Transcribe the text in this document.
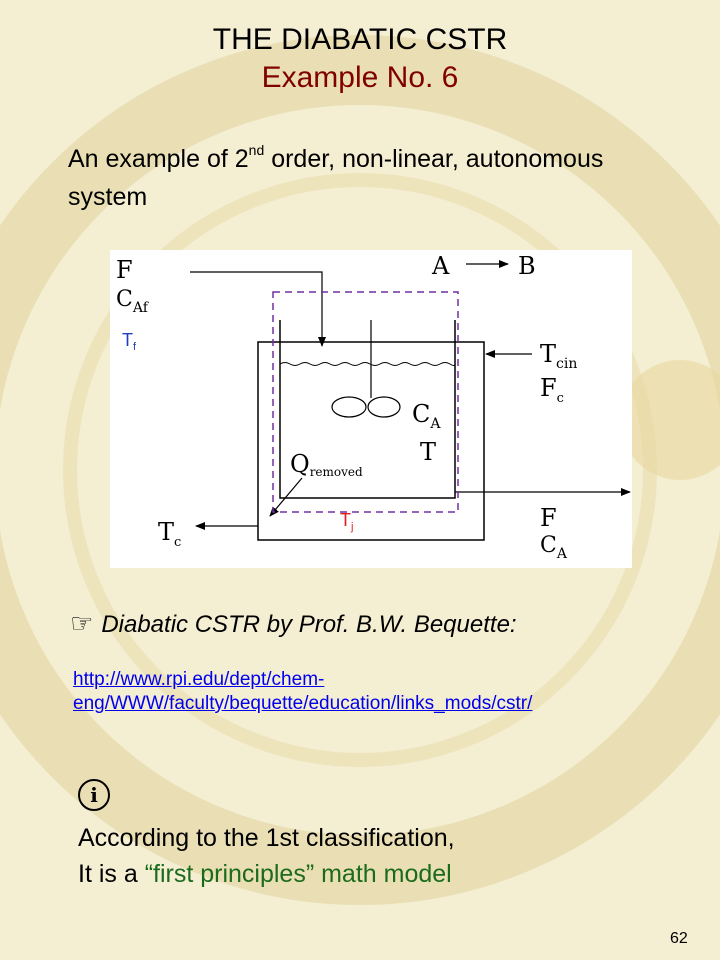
THE DIABATIC CSTR
Example No. 6
An example of 2nd order, non-linear, autonomous system
F
$C_{Af}$
$T_f$
A	B
$T_{cin}$
$F_c$
$C_A$
T
Qremoved
$T_j$
$T_c$
F
$C_A$
☞ Diabatic CSTR by Prof. B.W. Bequette:
http://www.rpi.edu/dept/chem-
eng/WWW/faculty/bequette/education/links_mods/cstr/
i
According to the 1st classification,
It is a “first principles” math model
62
